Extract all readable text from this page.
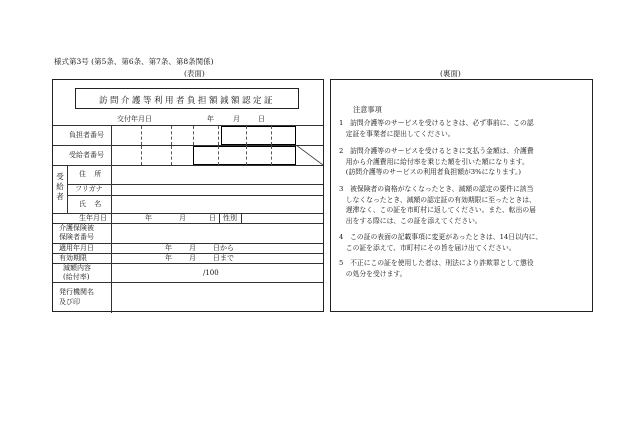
様式第3号 (第5条、第6条、第7条、第8条関係)
(表面)	(裏面)
訪問介護等利用者負担額減額認定証
交付年月日	年	月	日
負担者番号
受給者番号
受給者
住 所
フリガナ
氏 名
生年月日	年	月	日 性別
介護保険被
保険者番号
適用年月日	年 月 日から
有効期限	年 月 日まで
減額内容
(給付率)	/100
発行機関名
及び印
注意事項
1　訪問介護等のサービスを受けるときは、必ず事前に、この認
　定証を事業者に提出してください。
2　訪問介護等のサービスを受けるときに支払う金額は、介護費
　用から介護費用に給付率を乗じた額を引いた額になります。
　(訪問介護等のサービスの利用者負担額が3%になります。)
3　被保険者の資格がなくなったとき、減額の認定の要件に該当
　しなくなったとき、減額の認定証の有効期限に至ったときは、
　遅滞なく、この証を市町村に返してください。また、転出の届
　出をする際には、この証を添えてください。
4　この証の表面の記載事項に変更があったときは、14日以内に、
　この証を添えて、市町村にその旨を届け出てください。
5　不正にこの証を使用した者は、刑法により詐欺罪として懲役
　の処分を受けます。
